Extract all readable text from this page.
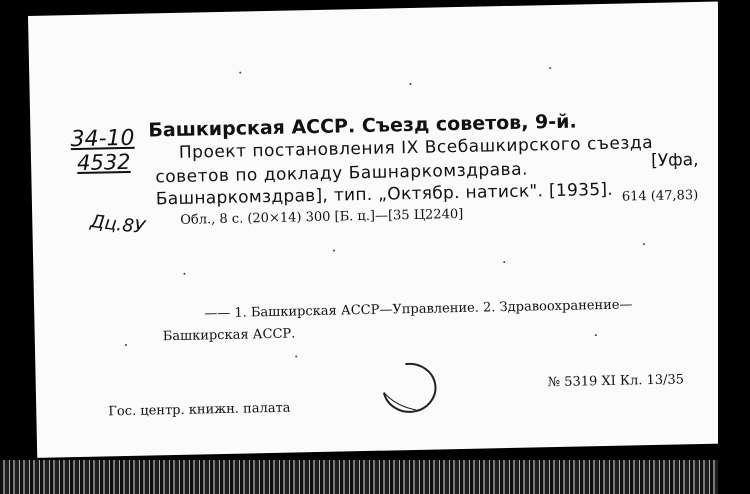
34-10
4532
Дц.8У
Башкирская АССР. Съезд советов, 9-й.
Проект постановления IX Всебашкирского съезда
советов по докладу Башнаркомздрава.	[Уфа,
Башнаркомздрав], тип. „Октябр. натиск". [1935].
Обл., 8 с. (20×14) 300 [Б. ц.]—[35 Ц2240]
614 (47,83)
—— 1. Башкирская АССР—Управление. 2. Здравоохранение—
Башкирская АССР.
Гос. центр. книжн. палата
№ 5319 XI Кл. 13/35
